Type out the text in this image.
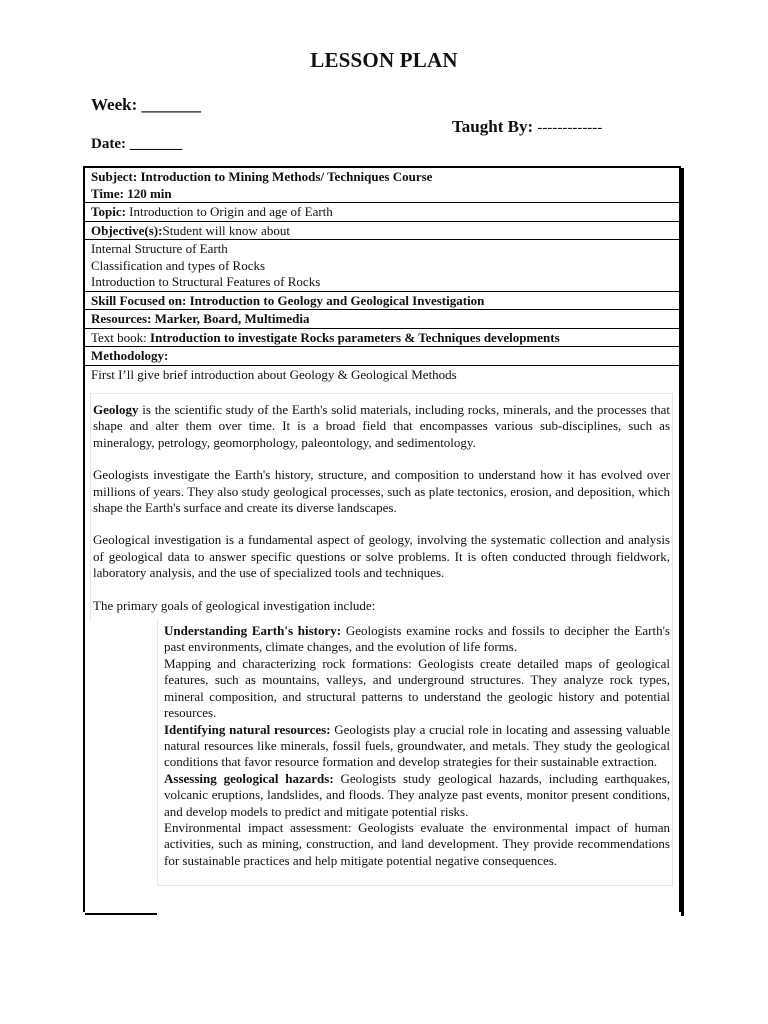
LESSON PLAN
Week: _______
Taught By: -------------
Date: _______
Subject: Introduction to Mining Methods/ Techniques Course
Time: 120 min
Topic: Introduction to Origin and age of Earth
Objective(s):Student will know about
Internal Structure of Earth
Classification and types of Rocks
Introduction to Structural Features of Rocks
Skill Focused on: Introduction to Geology and Geological Investigation
Resources: Marker, Board, Multimedia
Text book: Introduction to investigate Rocks parameters & Techniques developments
Methodology:
First I’ll give brief introduction about Geology & Geological Methods

Geology is the scientific study of the Earth's solid materials, including rocks, minerals, and the processes that shape and alter them over time. It is a broad field that encompasses various sub-disciplines, such as mineralogy, petrology, geomorphology, paleontology, and sedimentology.

Geologists investigate the Earth's history, structure, and composition to understand how it has evolved over millions of years. They also study geological processes, such as plate tectonics, erosion, and deposition, which shape the Earth's surface and create its diverse landscapes.

Geological investigation is a fundamental aspect of geology, involving the systematic collection and analysis of geological data to answer specific questions or solve problems. It is often conducted through fieldwork, laboratory analysis, and the use of specialized tools and techniques.

The primary goals of geological investigation include:

Understanding Earth's history: Geologists examine rocks and fossils to decipher the Earth's past environments, climate changes, and the evolution of life forms.

Mapping and characterizing rock formations: Geologists create detailed maps of geological features, such as mountains, valleys, and underground structures. They analyze rock types, mineral composition, and structural patterns to understand the geologic history and potential resources.

Identifying natural resources: Geologists play a crucial role in locating and assessing valuable natural resources like minerals, fossil fuels, groundwater, and metals. They study the geological conditions that favor resource formation and develop strategies for their sustainable extraction.

Assessing geological hazards: Geologists study geological hazards, including earthquakes, volcanic eruptions, landslides, and floods. They analyze past events, monitor present conditions, and develop models to predict and mitigate potential risks.

Environmental impact assessment: Geologists evaluate the environmental impact of human activities, such as mining, construction, and land development. They provide recommendations for sustainable practices and help mitigate potential negative consequences.
